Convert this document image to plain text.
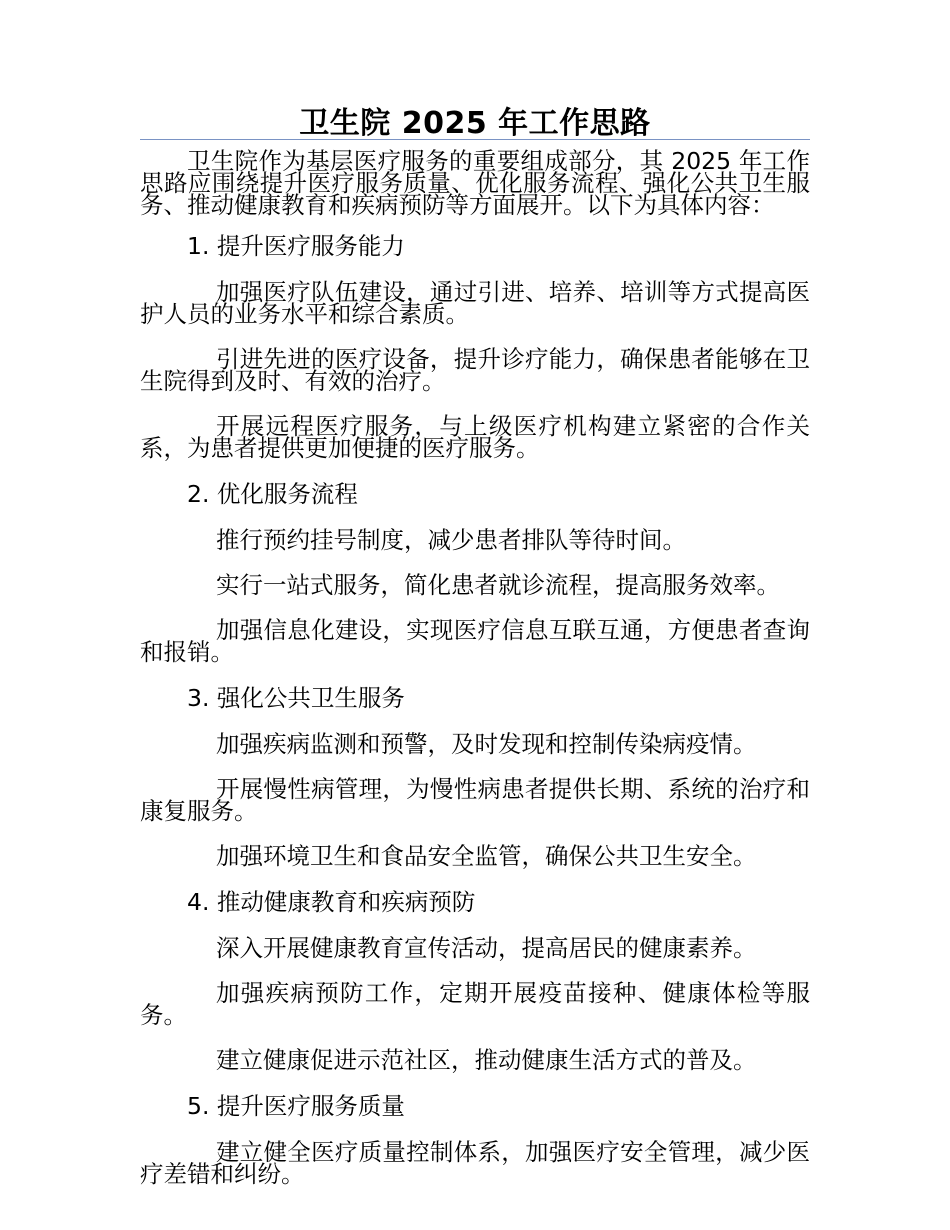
卫生院 2025 年工作思路

卫生院作为基层医疗服务的重要组成部分，其 2025 年工作思路应围绕提升医疗服务质量、优化服务流程、强化公共卫生服务、推动健康教育和疾病预防等方面展开。以下为具体内容：

1. 提升医疗服务能力

加强医疗队伍建设，通过引进、培养、培训等方式提高医护人员的业务水平和综合素质。

引进先进的医疗设备，提升诊疗能力，确保患者能够在卫生院得到及时、有效的治疗。

开展远程医疗服务，与上级医疗机构建立紧密的合作关系，为患者提供更加便捷的医疗服务。

2. 优化服务流程

推行预约挂号制度，减少患者排队等待时间。

实行一站式服务，简化患者就诊流程，提高服务效率。

加强信息化建设，实现医疗信息互联互通，方便患者查询和报销。

3. 强化公共卫生服务

加强疾病监测和预警，及时发现和控制传染病疫情。

开展慢性病管理，为慢性病患者提供长期、系统的治疗和康复服务。

加强环境卫生和食品安全监管，确保公共卫生安全。

4. 推动健康教育和疾病预防

深入开展健康教育宣传活动，提高居民的健康素养。

加强疾病预防工作，定期开展疫苗接种、健康体检等服务。

建立健康促进示范社区，推动健康生活方式的普及。

5. 提升医疗服务质量

建立健全医疗质量控制体系，加强医疗安全管理，减少医疗差错和纠纷。
